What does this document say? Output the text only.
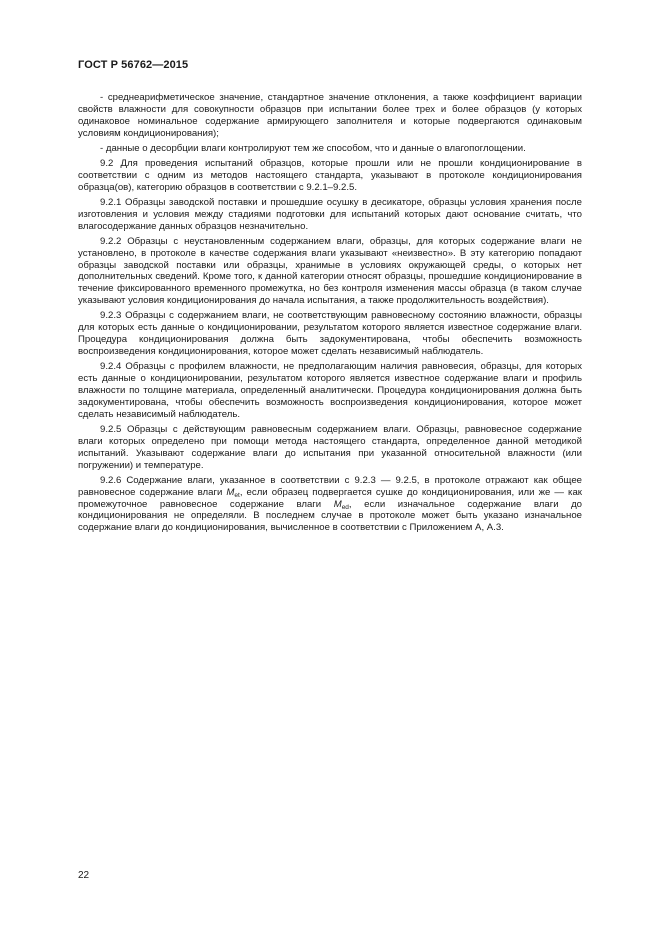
ГОСТ Р 56762—2015

- среднеарифметическое значение, стандартное значение отклонения, а также коэффициент вариации свойств влажности для совокупности образцов при испытании более трех и более образцов (у которых одинаковое номинальное содержание армирующего заполнителя и которые подвергаются одинаковым условиям кондиционирования);

- данные о десорбции влаги контролируют тем же способом, что и данные о влагопоглощении.

9.2 Для проведения испытаний образцов, которые прошли или не прошли кондиционирование в соответствии с одним из методов настоящего стандарта, указывают в протоколе кондиционирования образца(ов), категорию образцов в соответствии с 9.2.1–9.2.5.

9.2.1 Образцы заводской поставки и прошедшие осушку в десикаторе, образцы условия хранения после изготовления и условия между стадиями подготовки для испытаний которых дают основание считать, что влагосодержание данных образцов незначительно.

9.2.2 Образцы с неустановленным содержанием влаги, образцы, для которых содержание влаги не установлено, в протоколе в качестве содержания влаги указывают «неизвестно». В эту категорию попадают образцы заводской поставки или образцы, хранимые в условиях окружающей среды, о которых нет дополнительных сведений. Кроме того, к данной категории относят образцы, прошедшие кондиционирование в течение фиксированного временного промежутка, но без контроля изменения массы образца (в таком случае указывают условия кондиционирования до начала испытания, а также продолжительность воздействия).

9.2.3 Образцы с содержанием влаги, не соответствующим равновесному состоянию влажности, образцы для которых есть данные о кондиционировании, результатом которого является известное содержание влаги. Процедура кондиционирования должна быть задокументирована, чтобы обеспечить возможность воспроизведения кондиционирования, которое может сделать независимый наблюдатель.

9.2.4 Образцы с профилем влажности, не предполагающим наличия равновесия, образцы, для которых есть данные о кондиционировании, результатом которого является известное содержание влаги и профиль влажности по толщине материала, определенный аналитически. Процедура кондиционирования должна быть задокументирована, чтобы обеспечить возможность воспроизведения кондиционирования, которое может сделать независимый наблюдатель.

9.2.5 Образцы с действующим равновесным содержанием влаги. Образцы, равновесное содержание влаги которых определено при помощи метода настоящего стандарта, определенное данной методикой испытаний. Указывают содержание влаги до испытания при указанной относительной влажности (или погружении) и температуре.

9.2.6 Содержание влаги, указанное в соответствии с 9.2.3 — 9.2.5, в протоколе отражают как общее равновесное содержание влаги $M_{et}$, если образец подвергается сушке до кондиционирования, или же — как промежуточное равновесное содержание влаги $M_{ed}$, если изначальное содержание влаги до кондиционирования не определяли. В последнем случае в протоколе может быть указано изначальное содержание влаги до кондиционирования, вычисленное в соответствии с Приложением А, А.3.

22
